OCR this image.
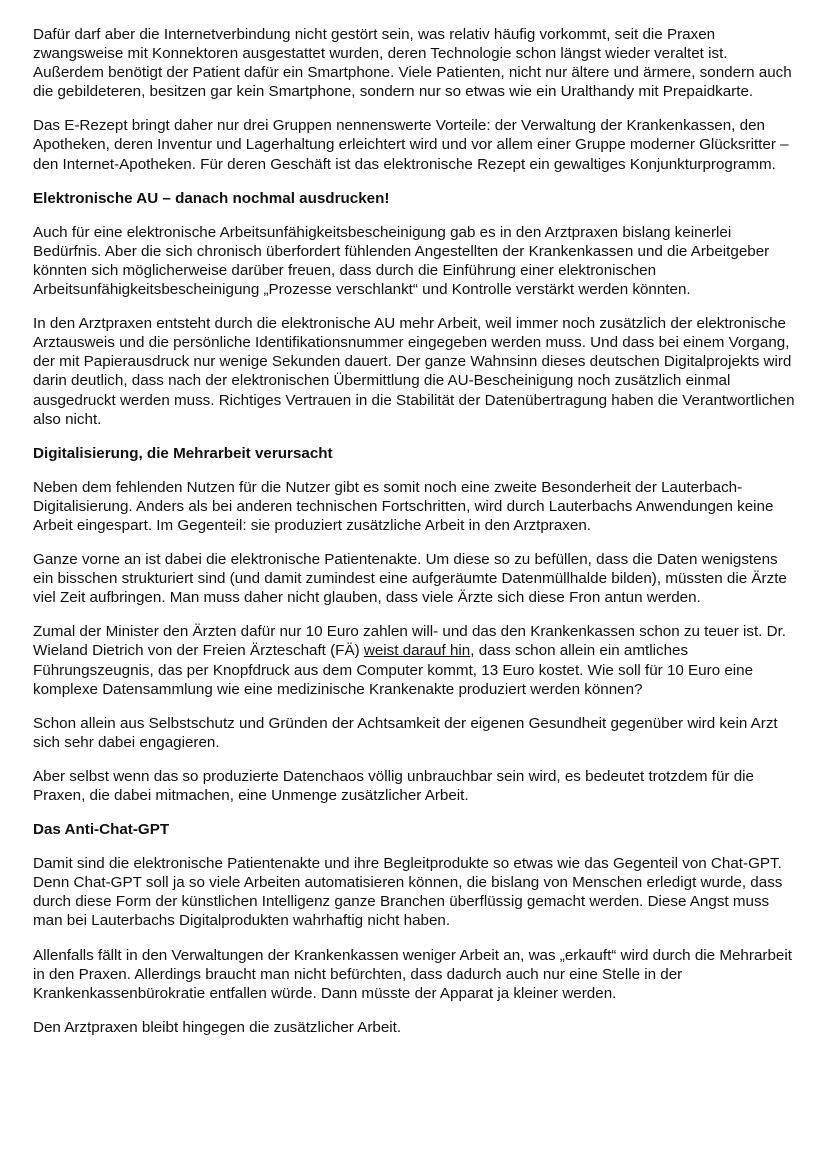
Dafür darf aber die Internetverbindung nicht gestört sein, was relativ häufig vorkommt, seit die Praxen zwangsweise mit Konnektoren ausgestattet wurden, deren Technologie schon längst wieder veraltet ist. Außerdem benötigt der Patient dafür ein Smartphone. Viele Patienten, nicht nur ältere und ärmere, sondern auch die gebildeteren, besitzen gar kein Smartphone, sondern nur so etwas wie ein Uralthandy mit Prepaidkarte.

Das E-Rezept bringt daher nur drei Gruppen nennenswerte Vorteile: der Verwaltung der Krankenkassen, den Apotheken, deren Inventur und Lagerhaltung erleichtert wird und vor allem einer Gruppe moderner Glücksritter – den Internet-Apotheken. Für deren Geschäft ist das elektronische Rezept ein gewaltiges Konjunkturprogramm.

Elektronische AU – danach nochmal ausdrucken!

Auch für eine elektronische Arbeitsunfähigkeitsbescheinigung gab es in den Arztpraxen bislang keinerlei Bedürfnis. Aber die sich chronisch überfordert fühlenden Angestellten der Krankenkassen und die Arbeitgeber könnten sich möglicherweise darüber freuen, dass durch die Einführung einer elektronischen Arbeitsunfähigkeitsbescheinigung „Prozesse verschlankt“ und Kontrolle verstärkt werden könnten.

In den Arztpraxen entsteht durch die elektronische AU mehr Arbeit, weil immer noch zusätzlich der elektronische Arztausweis und die persönliche Identifikationsnummer eingegeben werden muss. Und dass bei einem Vorgang, der mit Papierausdruck nur wenige Sekunden dauert. Der ganze Wahnsinn dieses deutschen Digitalprojekts wird darin deutlich, dass nach der elektronischen Übermittlung die AU-Bescheinigung noch zusätzlich einmal ausgedruckt werden muss. Richtiges Vertrauen in die Stabilität der Datenübertragung haben die Verantwortlichen also nicht.

Digitalisierung, die Mehrarbeit verursacht

Neben dem fehlenden Nutzen für die Nutzer gibt es somit noch eine zweite Besonderheit der Lauterbach-Digitalisierung. Anders als bei anderen technischen Fortschritten, wird durch Lauterbachs Anwendungen keine Arbeit eingespart. Im Gegenteil: sie produziert zusätzliche Arbeit in den Arztpraxen.

Ganze vorne an ist dabei die elektronische Patientenakte. Um diese so zu befüllen, dass die Daten wenigstens ein bisschen strukturiert sind (und damit zumindest eine aufgeräumte Datenmüllhalde bilden), müssten die Ärzte viel Zeit aufbringen. Man muss daher nicht glauben, dass viele Ärzte sich diese Fron antun werden.

Zumal der Minister den Ärzten dafür nur 10 Euro zahlen will- und das den Krankenkassen schon zu teuer ist. Dr. Wieland Dietrich von der Freien Ärzteschaft (FÄ) weist darauf hin, dass schon allein ein amtliches Führungszeugnis, das per Knopfdruck aus dem Computer kommt, 13 Euro kostet. Wie soll für 10 Euro eine komplexe Datensammlung wie eine medizinische Krankenakte produziert werden können?

Schon allein aus Selbstschutz und Gründen der Achtsamkeit der eigenen Gesundheit gegenüber wird kein Arzt sich sehr dabei engagieren.

Aber selbst wenn das so produzierte Datenchaos völlig unbrauchbar sein wird, es bedeutet trotzdem für die Praxen, die dabei mitmachen, eine Unmenge zusätzlicher Arbeit.

Das Anti-Chat-GPT

Damit sind die elektronische Patientenakte und ihre Begleitprodukte so etwas wie das Gegenteil von Chat-GPT. Denn Chat-GPT soll ja so viele Arbeiten automatisieren können, die bislang von Menschen erledigt wurde, dass durch diese Form der künstlichen Intelligenz ganze Branchen überflüssig gemacht werden. Diese Angst muss man bei Lauterbachs Digitalprodukten wahrhaftig nicht haben.

Allenfalls fällt in den Verwaltungen der Krankenkassen weniger Arbeit an, was „erkauft“ wird durch die Mehrarbeit in den Praxen. Allerdings braucht man nicht befürchten, dass dadurch auch nur eine Stelle in der Krankenkassenbürokratie entfallen würde. Dann müsste der Apparat ja kleiner werden.

Den Arztpraxen bleibt hingegen die zusätzlicher Arbeit.
